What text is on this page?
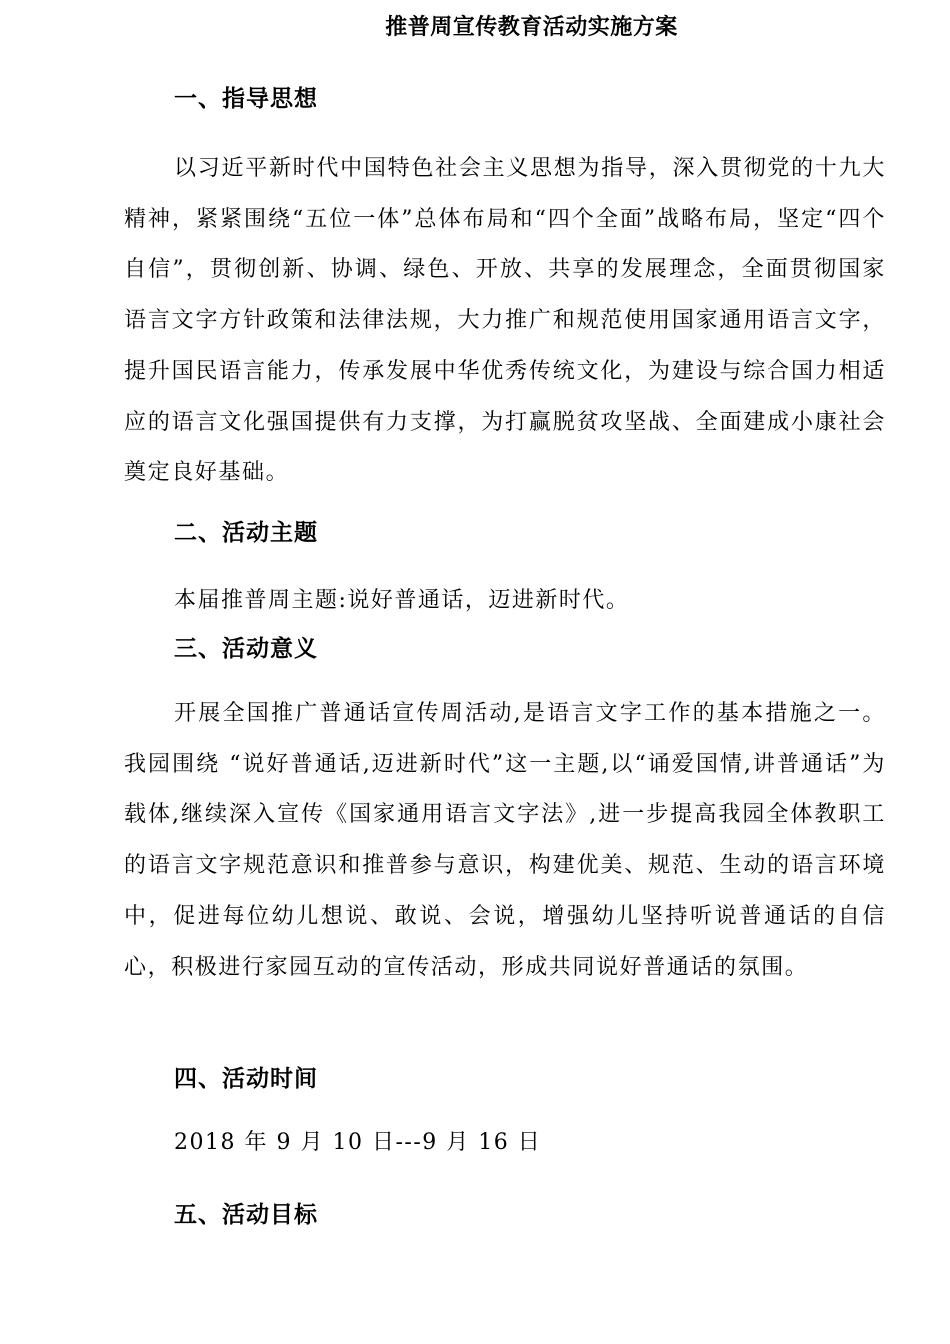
推普周宣传教育活动实施方案
一、指导思想
以习近平新时代中国特色社会主义思想为指导，深入贯彻党的十九大精神，紧紧围绕“五位一体”总体布局和“四个全面”战略布局，坚定“四个自信”，贯彻创新、协调、绿色、开放、共享的发展理念，全面贯彻国家语言文字方针政策和法律法规，大力推广和规范使用国家通用语言文字，提升国民语言能力，传承发展中华优秀传统文化，为建设与综合国力相适应的语言文化强国提供有力支撑，为打赢脱贫攻坚战、全面建成小康社会奠定良好基础。
二、活动主题
本届推普周主题:说好普通话，迈进新时代。
三、活动意义
开展全国推广普通话宣传周活动,是语言文字工作的基本措施之一。我园围绕 “说好普通话,迈进新时代”这一主题,以“诵爱国情,讲普通话”为载体,继续深入宣传《国家通用语言文字法》,进一步提高我园全体教职工的语言文字规范意识和推普参与意识，构建优美、规范、生动的语言环境中，促进每位幼儿想说、敢说、会说，增强幼儿坚持听说普通话的自信心，积极进行家园互动的宣传活动，形成共同说好普通话的氛围。
四、活动时间
2018 年 9 月 10 日---9 月 16 日
五、活动目标
